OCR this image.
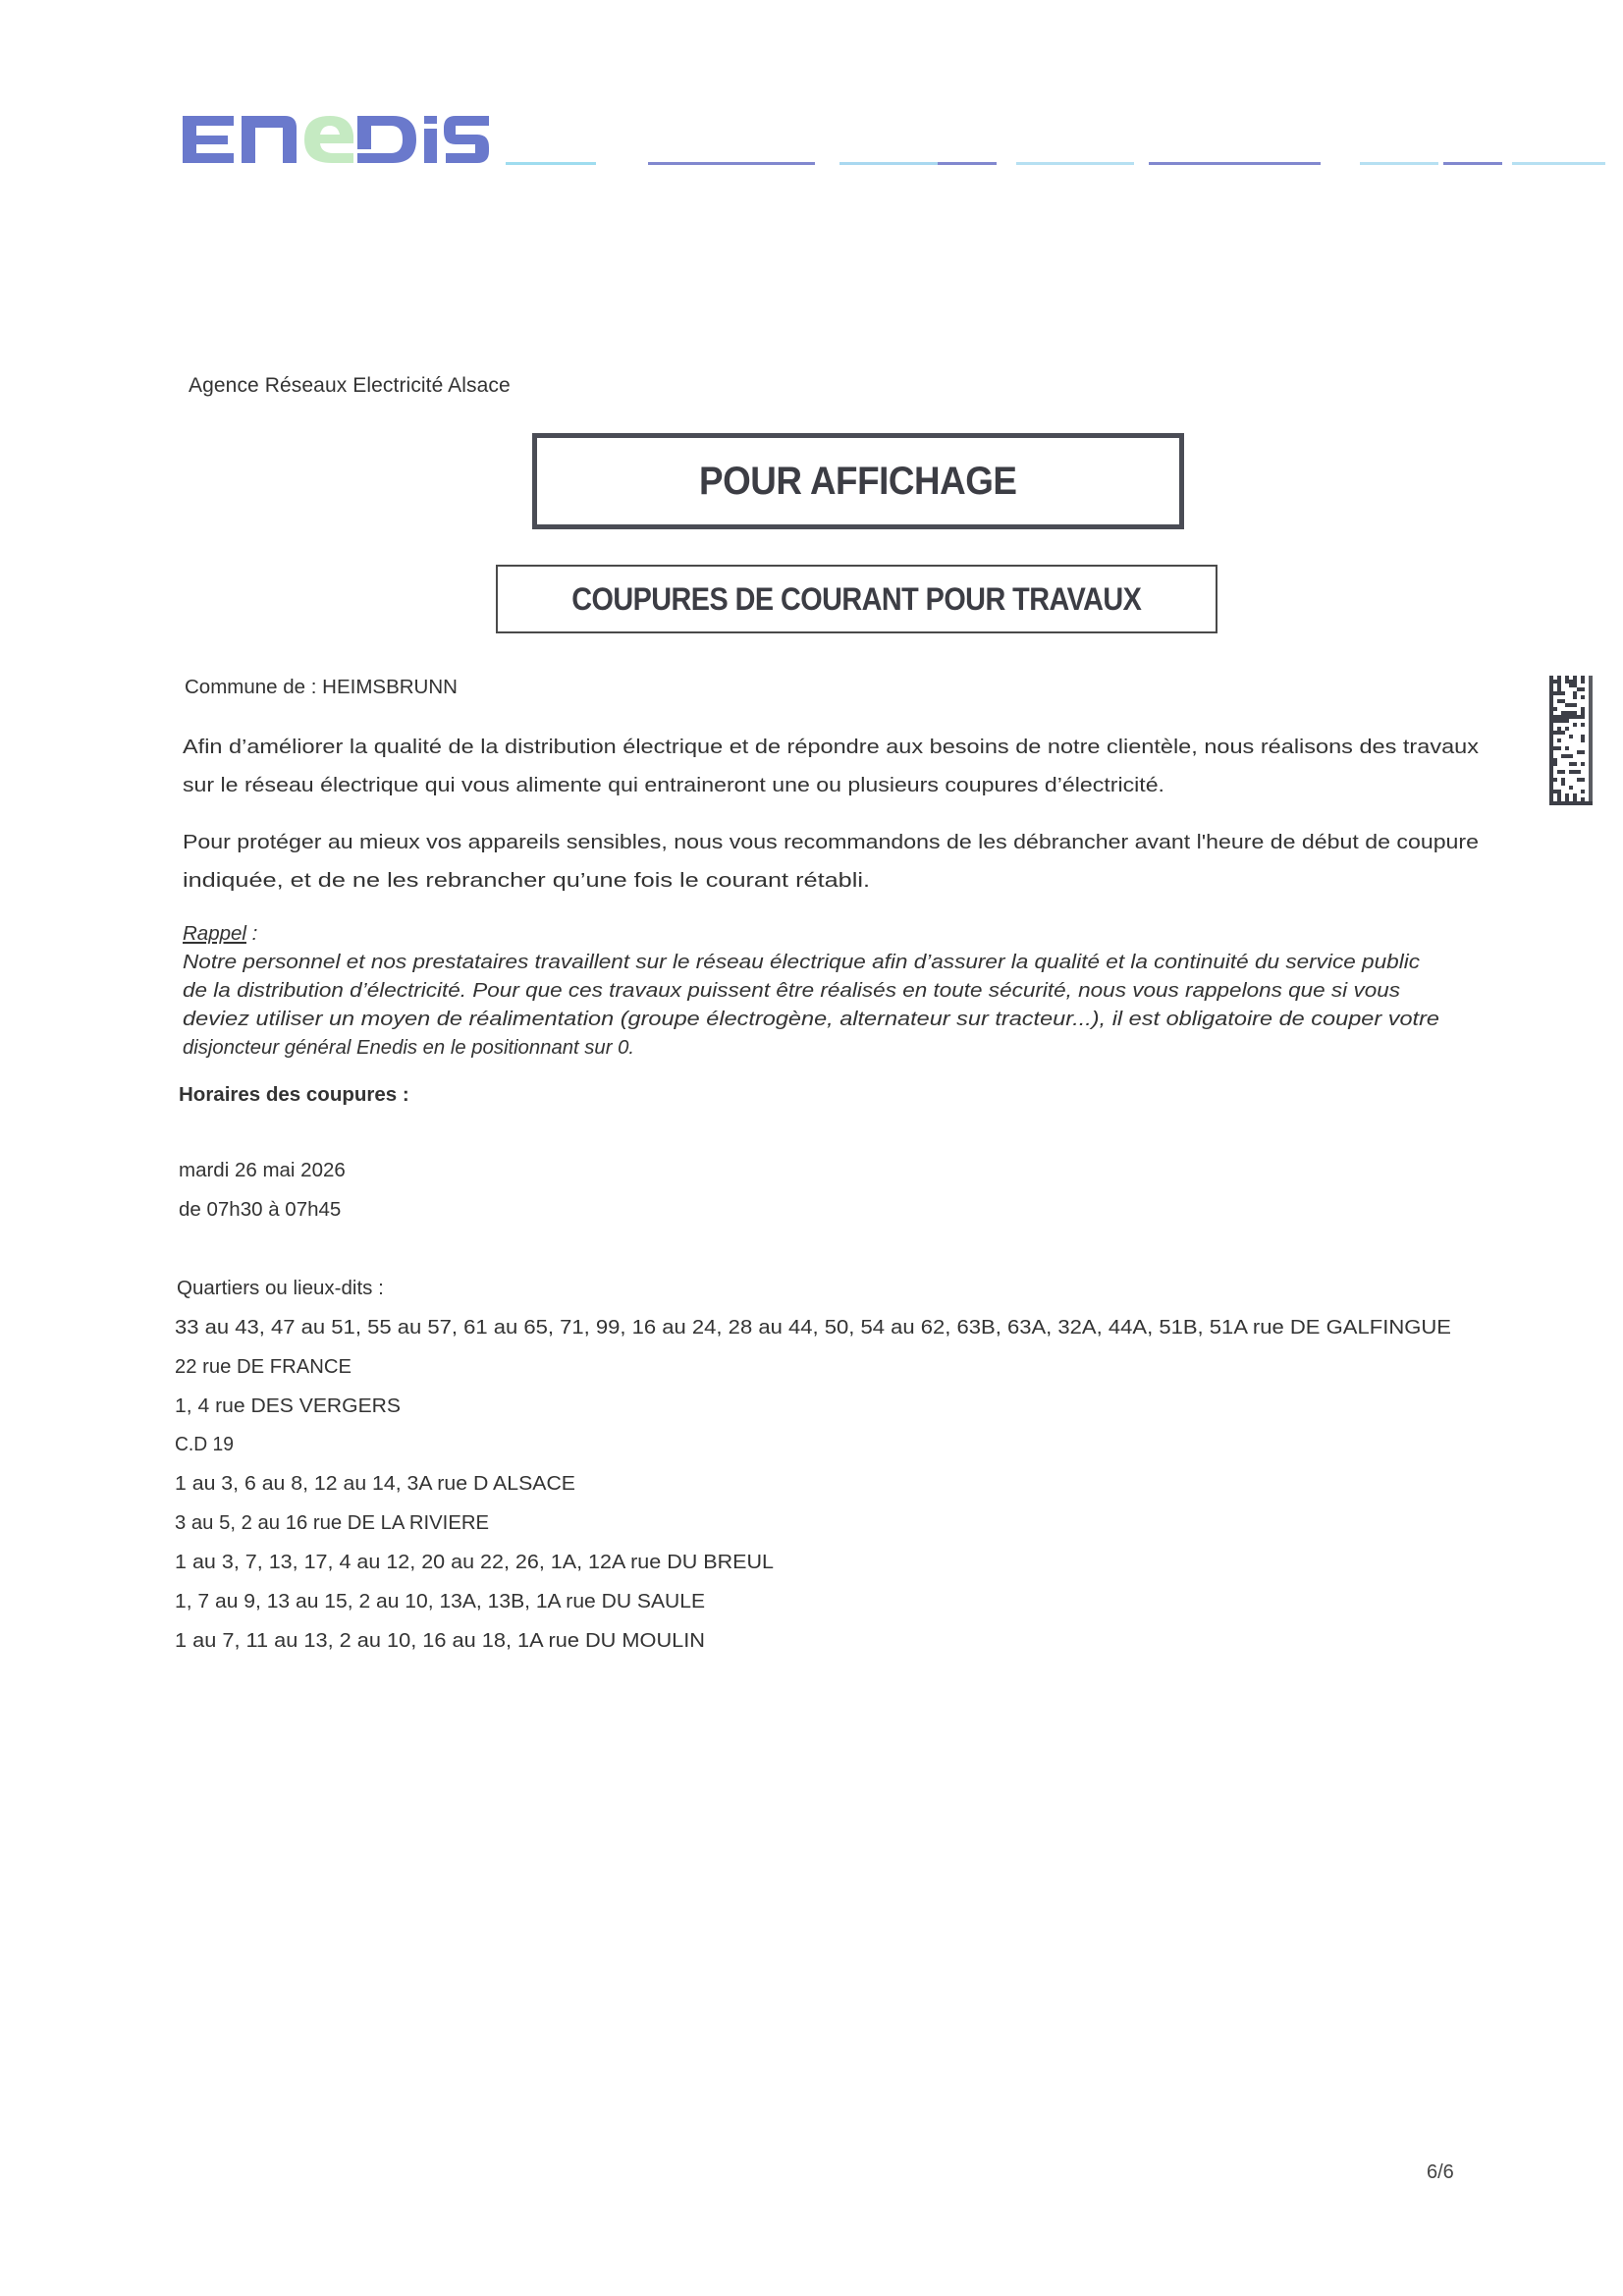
Agence Réseaux Electricité Alsace
POUR AFFICHAGE
COUPURES DE COURANT POUR TRAVAUX
Commune de : HEIMSBRUNN
Afin d’améliorer la qualité de la distribution électrique et de répondre aux besoins de notre clientèle, nous réalisons des travaux
sur le réseau électrique qui vous alimente qui entraineront une ou plusieurs coupures d’électricité.
Pour protéger au mieux vos appareils sensibles, nous vous recommandons de les débrancher avant l'heure de début de coupure
indiquée, et de ne les rebrancher qu’une fois le courant rétabli.
Rappel :
Notre personnel et nos prestataires travaillent sur le réseau électrique afin d’assurer la qualité et la continuité du service public
de la distribution d’électricité. Pour que ces travaux puissent être réalisés en toute sécurité, nous vous rappelons que si vous
deviez utiliser un moyen de réalimentation (groupe électrogène, alternateur sur tracteur...), il est obligatoire de couper votre
disjoncteur général Enedis en le positionnant sur 0.
Horaires des coupures :
mardi 26 mai 2026
de 07h30 à 07h45
Quartiers ou lieux-dits :
33 au 43, 47 au 51, 55 au 57, 61 au 65, 71, 99, 16 au 24, 28 au 44, 50, 54 au 62, 63B, 63A, 32A, 44A, 51B, 51A rue DE GALFINGUE
22 rue DE FRANCE
1, 4 rue DES VERGERS
C.D 19
1 au 3, 6 au 8, 12 au 14, 3A rue D ALSACE
3 au 5, 2 au 16 rue DE LA RIVIERE
1 au 3, 7, 13, 17, 4 au 12, 20 au 22, 26, 1A, 12A rue DU BREUL
1, 7 au 9, 13 au 15, 2 au 10, 13A, 13B, 1A rue DU SAULE
1 au 7, 11 au 13, 2 au 10, 16 au 18, 1A rue DU MOULIN
6/6
